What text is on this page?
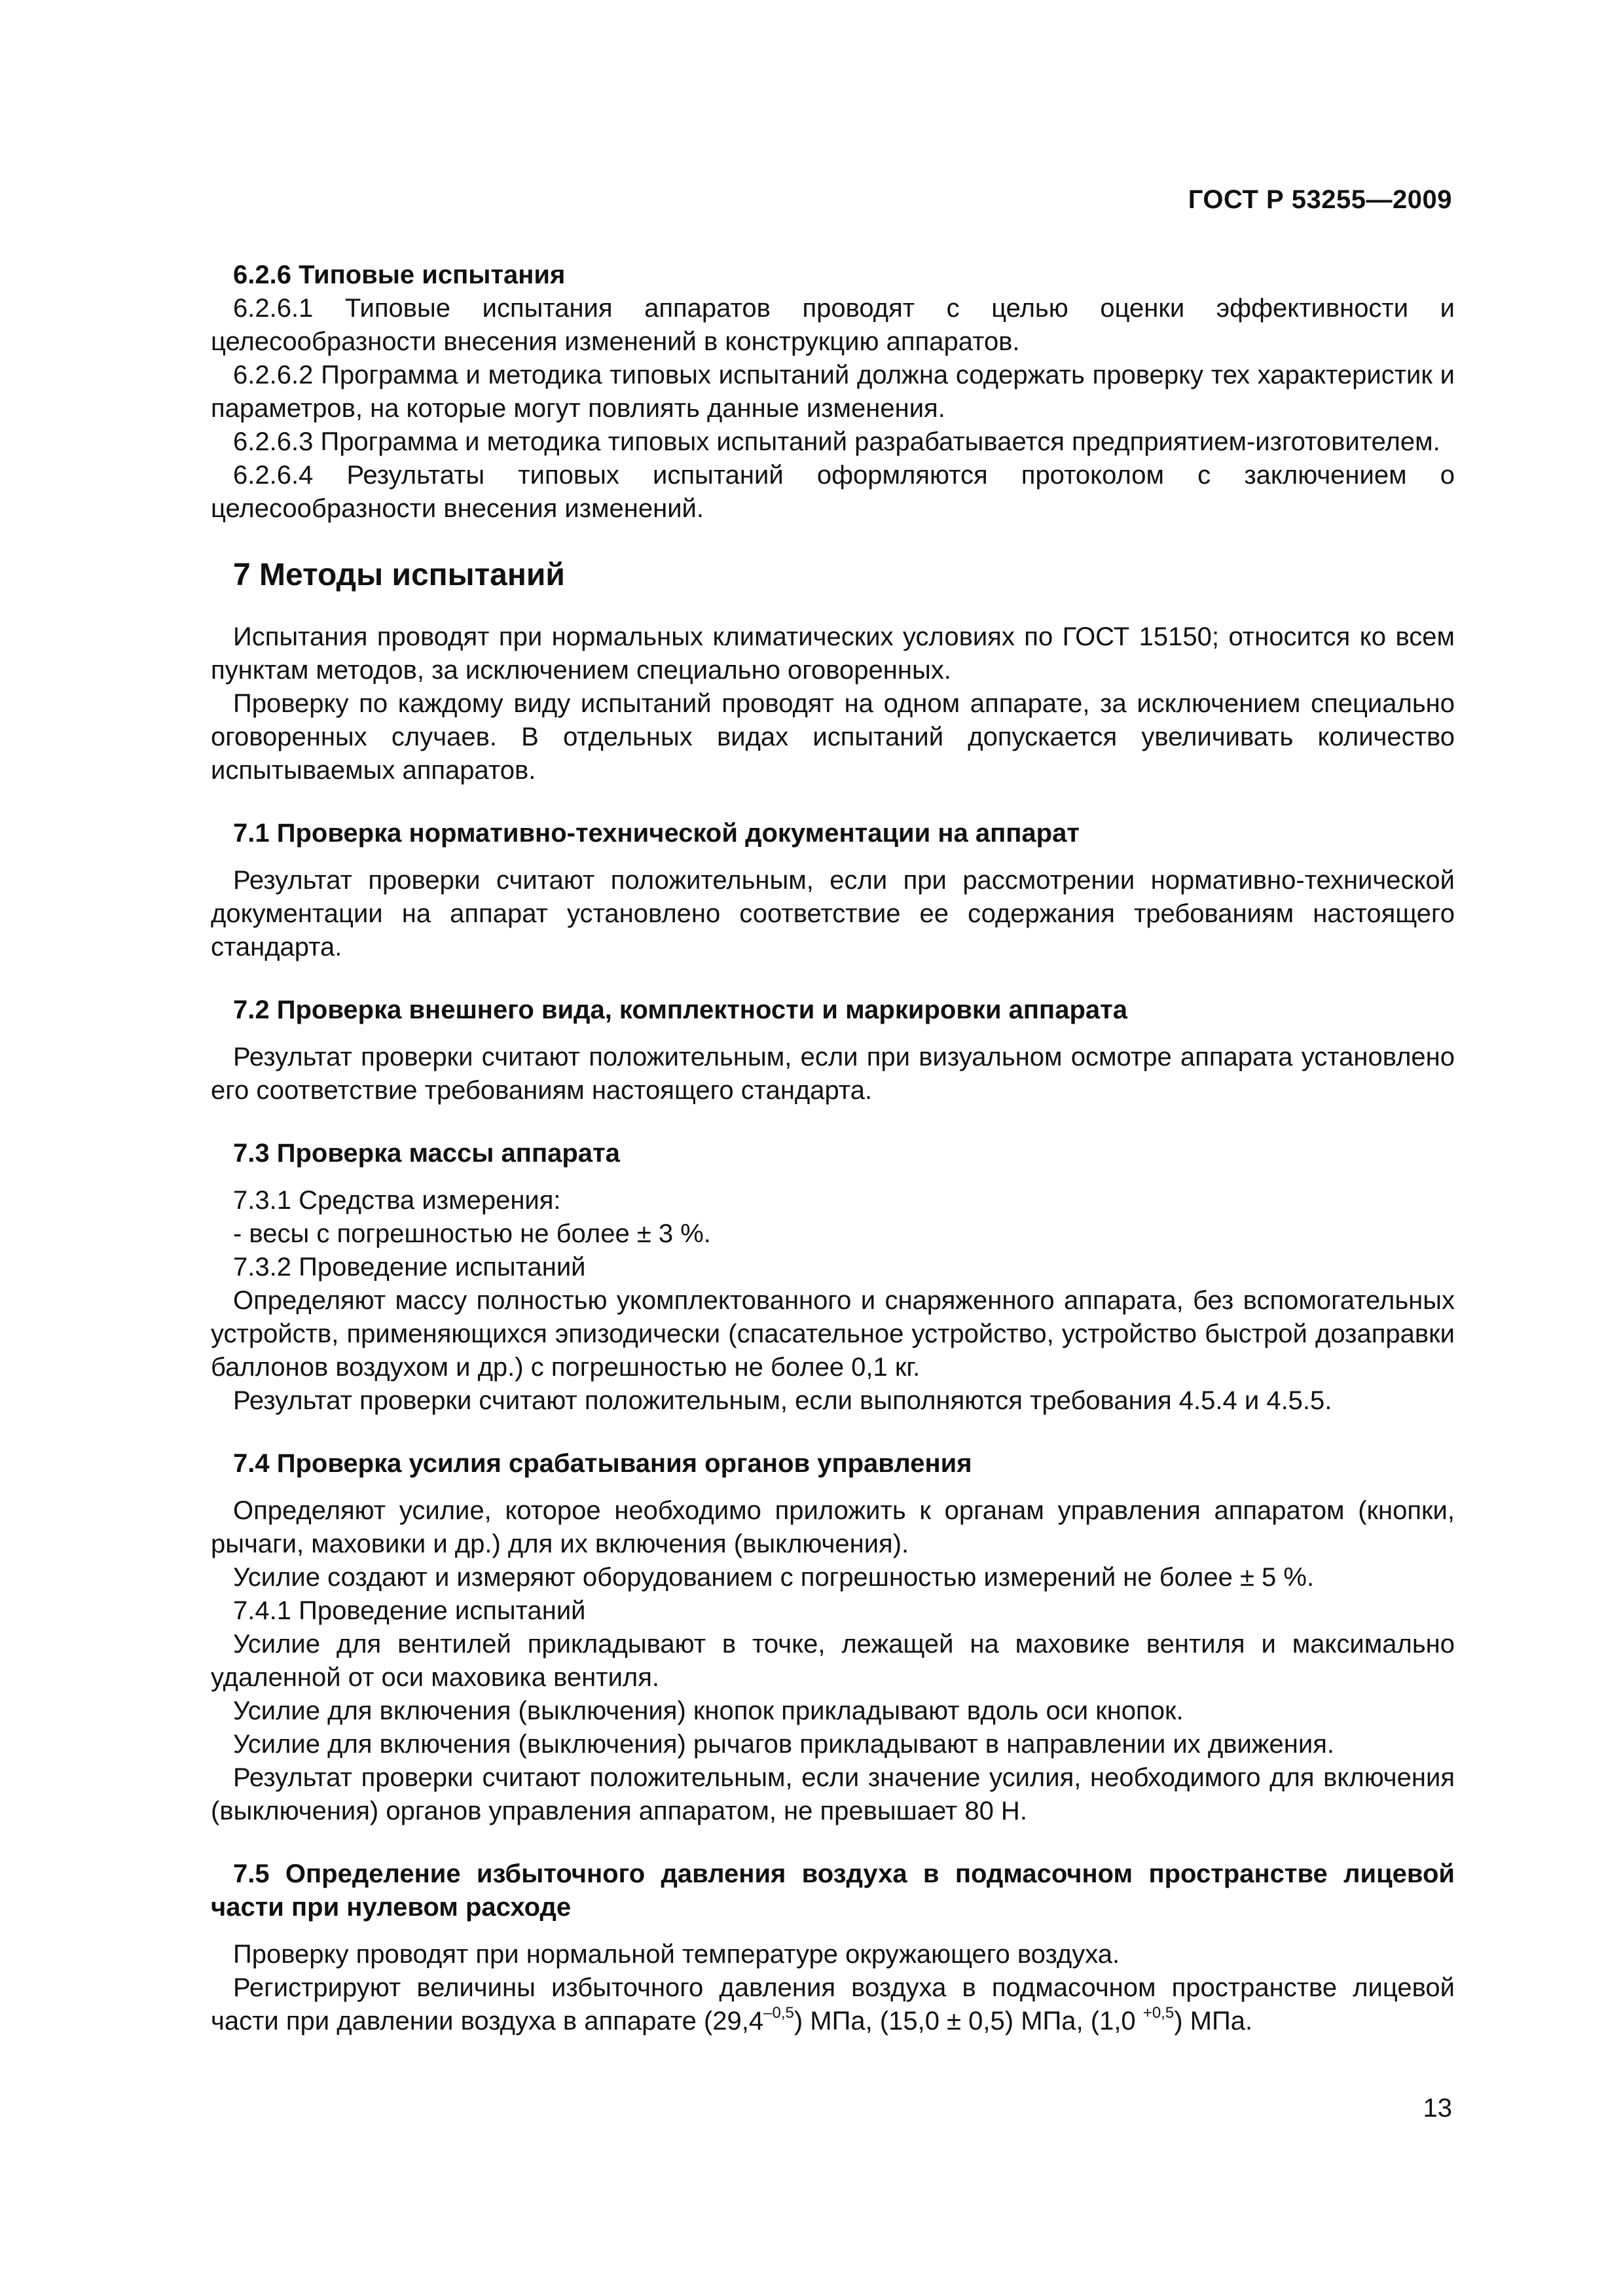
ГОСТ Р 53255—2009
6.2.6 Типовые испытания

6.2.6.1 Типовые испытания аппаратов проводят с целью оценки эффективности и целесообразности внесения изменений в конструкцию аппаратов.

6.2.6.2 Программа и методика типовых испытаний должна содержать проверку тех характеристик и параметров, на которые могут повлиять данные изменения.

6.2.6.3 Программа и методика типовых испытаний разрабатывается предприятием-изготовителем.

6.2.6.4 Результаты типовых испытаний оформляются протоколом с заключением о целесообразности внесения изменений.

7 Методы испытаний

Испытания проводят при нормальных климатических условиях по ГОСТ 15150; относится ко всем пунктам методов, за исключением специально оговоренных.

Проверку по каждому виду испытаний проводят на одном аппарате, за исключением специально оговоренных случаев. В отдельных видах испытаний допускается увеличивать количество испытываемых аппаратов.

7.1 Проверка нормативно-технической документации на аппарат

Результат проверки считают положительным, если при рассмотрении нормативно-технической документации на аппарат установлено соответствие ее содержания требованиям настоящего стандарта.

7.2 Проверка внешнего вида, комплектности и маркировки аппарата

Результат проверки считают положительным, если при визуальном осмотре аппарата установлено его соответствие требованиям настоящего стандарта.

7.3 Проверка массы аппарата

7.3.1 Средства измерения:

- весы с погрешностью не более ± 3 %.

7.3.2 Проведение испытаний

Определяют массу полностью укомплектованного и снаряженного аппарата, без вспомогательных устройств, применяющихся эпизодически (спасательное устройство, устройство быстрой дозаправки баллонов воздухом и др.) с погрешностью не более 0,1 кг.

Результат проверки считают положительным, если выполняются требования 4.5.4 и 4.5.5.

7.4 Проверка усилия срабатывания органов управления

Определяют усилие, которое необходимо приложить к органам управления аппаратом (кнопки, рычаги, маховики и др.) для их включения (выключения).

Усилие создают и измеряют оборудованием с погрешностью измерений не более ± 5 %.

7.4.1 Проведение испытаний

Усилие для вентилей прикладывают в точке, лежащей на маховике вентиля и максимально удаленной от оси маховика вентиля.

Усилие для включения (выключения) кнопок прикладывают вдоль оси кнопок.

Усилие для включения (выключения) рычагов прикладывают в направлении их движения.

Результат проверки считают положительным, если значение усилия, необходимого для включения (выключения) органов управления аппаратом, не превышает 80 Н.

7.5 Определение избыточного давления воздуха в подмасочном пространстве лицевой части при нулевом расходе

Проверку проводят при нормальной температуре окружающего воздуха.

Регистрируют величины избыточного давления воздуха в подмасочном пространстве лицевой части при давлении воздуха в аппарате $(29,4^{-0,5})$ МПа, (15,0 ± 0,5) МПа, (1,0 $^{+0,5}$) МПа.

13
